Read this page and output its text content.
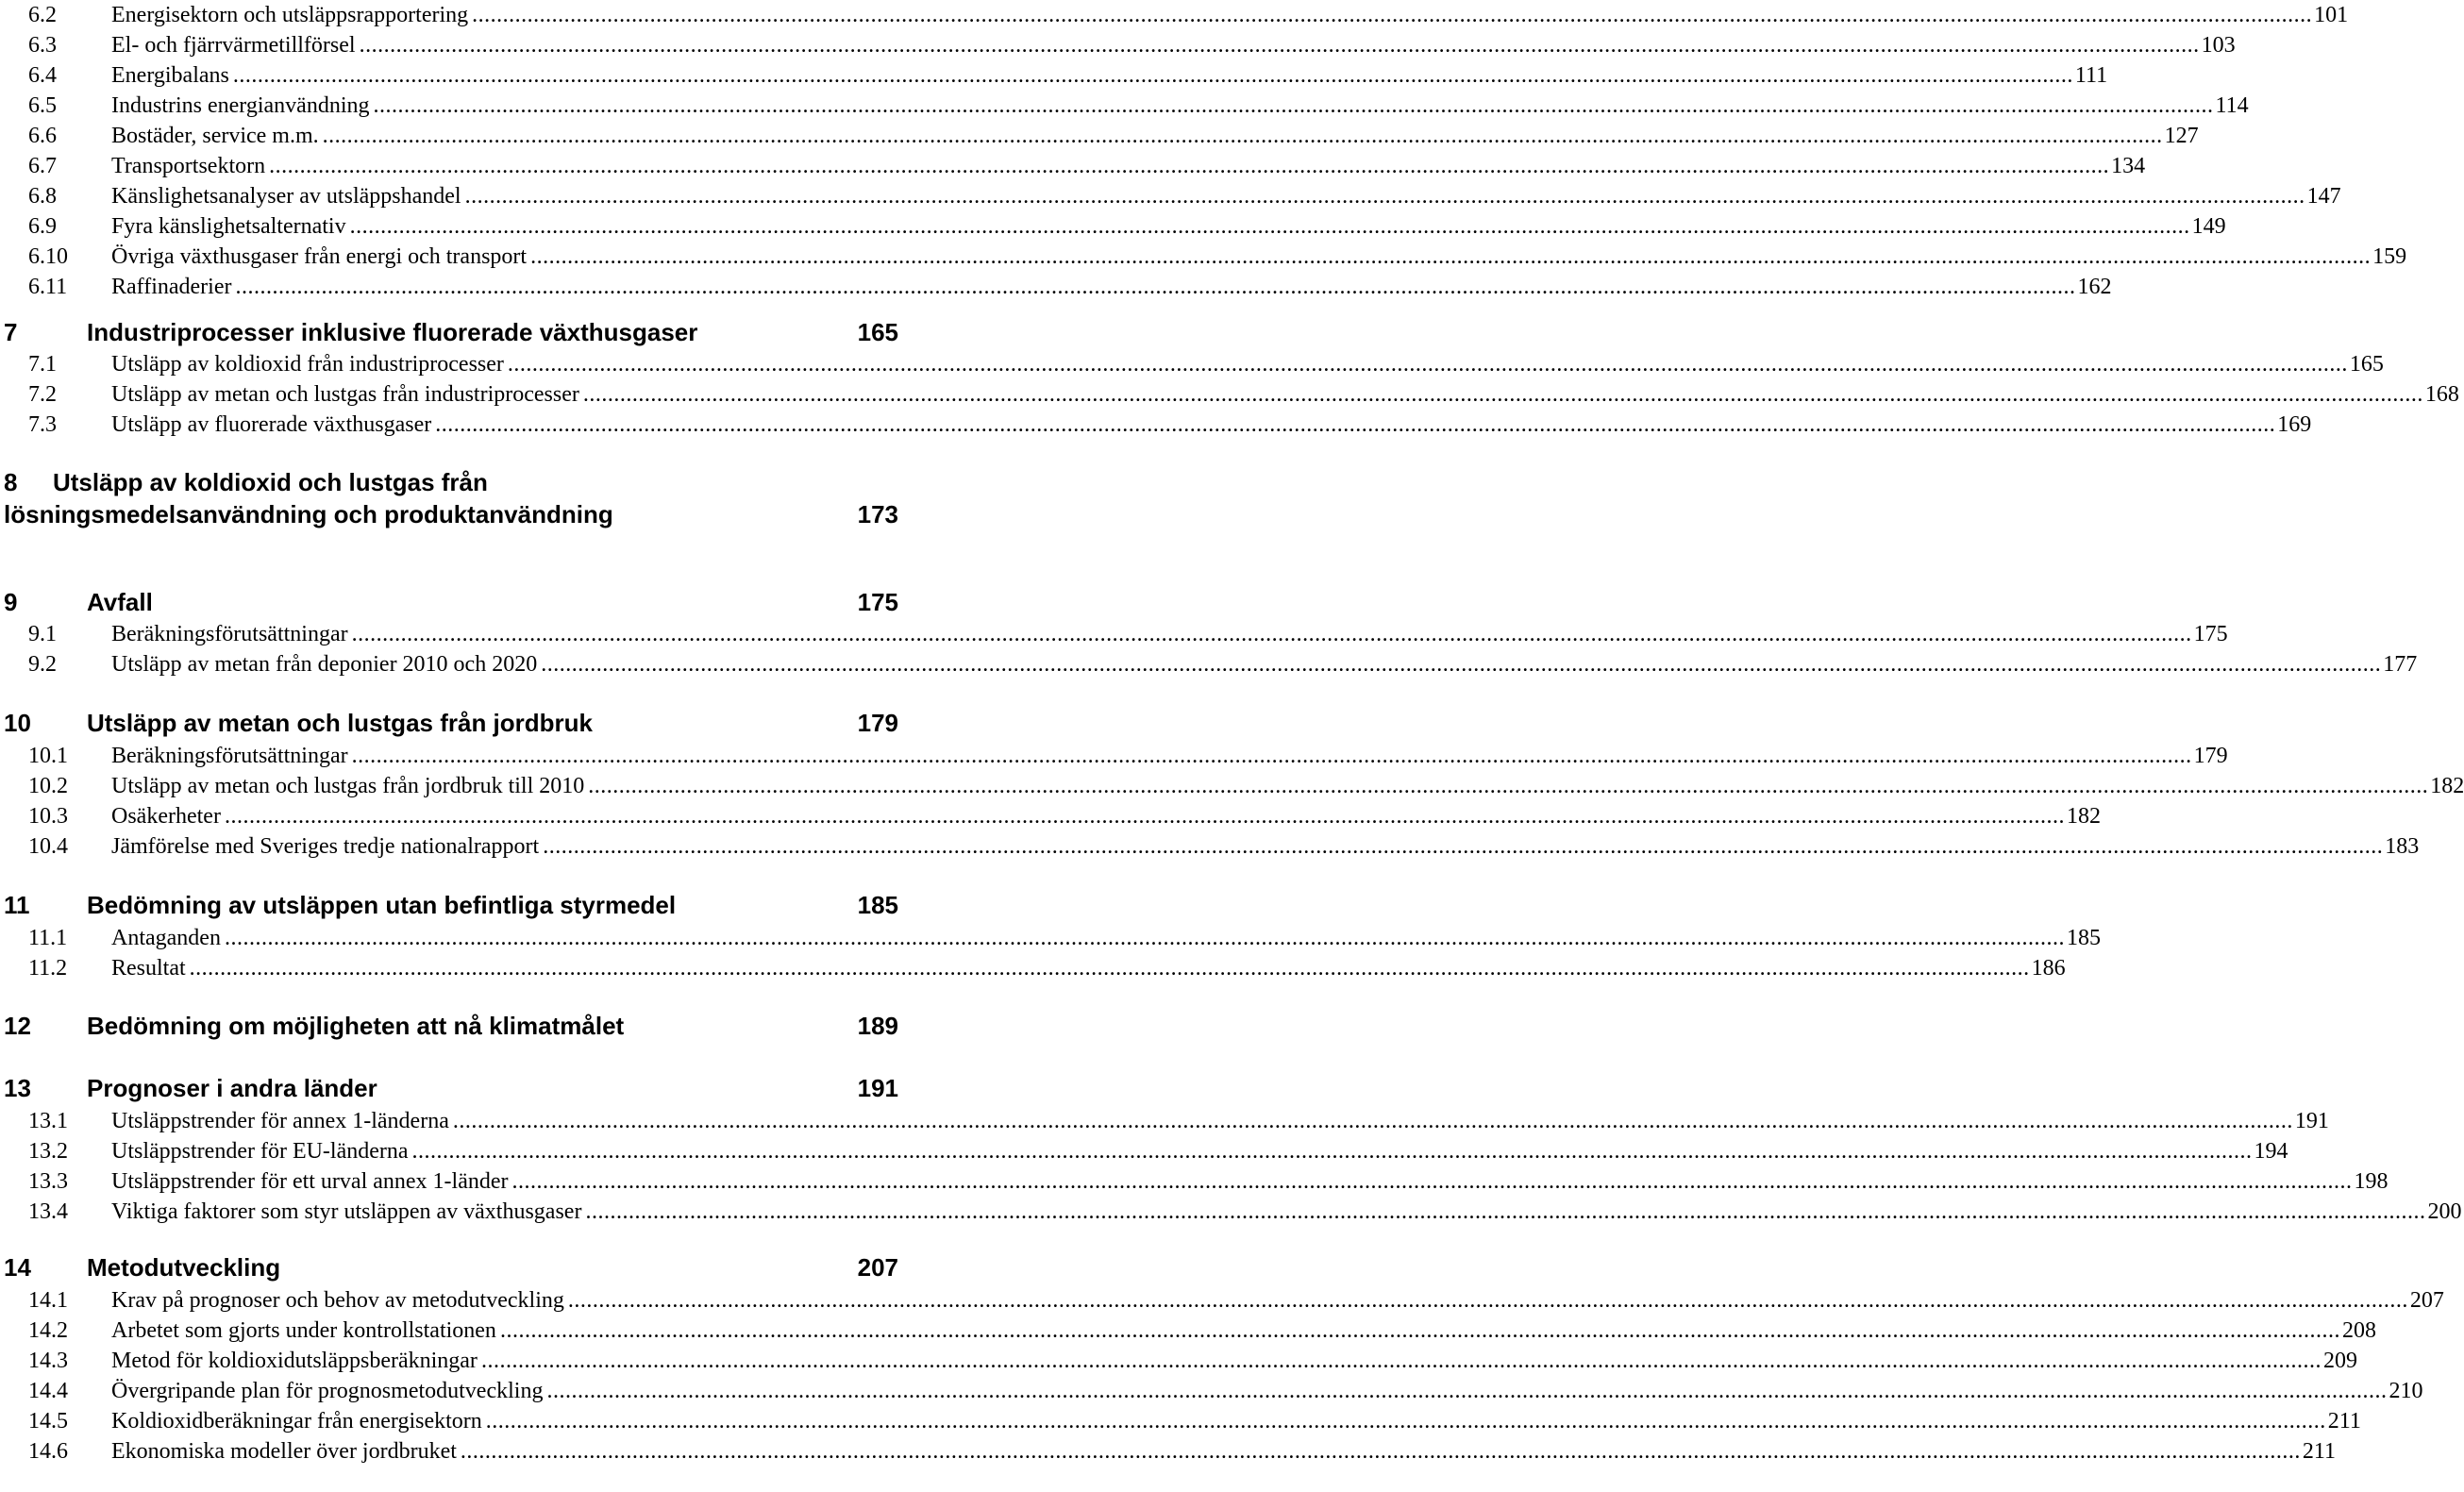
6.2	Energisektorn och utsläppsrapportering ............................................................................................................................................................................................................................................................................................................ 101
6.3	El- och fjärrvärmetillförsel ............................................................................................................................................................................................................................................................................................................ 103
6.4	Energibalans ............................................................................................................................................................................................................................................................................................................ 111
6.5	Industrins energianvändning ............................................................................................................................................................................................................................................................................................................ 114
6.6	Bostäder, service m.m. ............................................................................................................................................................................................................................................................................................................ 127
6.7	Transportsektorn ............................................................................................................................................................................................................................................................................................................ 134
6.8	Känslighetsanalyser av utsläppshandel ............................................................................................................................................................................................................................................................................................................ 147
6.9	Fyra känslighetsalternativ ............................................................................................................................................................................................................................................................................................................ 149
6.10	Övriga växthusgaser från energi och transport ............................................................................................................................................................................................................................................................................................................ 159
6.11	Raffinaderier ............................................................................................................................................................................................................................................................................................................ 162
7	Industriprocesser inklusive fluorerade växthusgaser	165
7.1	Utsläpp av koldioxid från industriprocesser ............................................................................................................................................................................................................................................................................................................ 165
7.2	Utsläpp av metan och lustgas från industriprocesser ............................................................................................................................................................................................................................................................................................................ 168
7.3	Utsläpp av fluorerade växthusgaser ............................................................................................................................................................................................................................................................................................................ 169
8 Utsläpp av koldioxid och lustgas från
lösningsmedelsanvändning och produktanvändning	173
9	Avfall	175
9.1	Beräkningsförutsättningar ............................................................................................................................................................................................................................................................................................................ 175
9.2	Utsläpp av metan från deponier 2010 och 2020 ............................................................................................................................................................................................................................................................................................................ 177
10 Utsläpp av metan och lustgas från jordbruk	179
10.1	Beräkningsförutsättningar ............................................................................................................................................................................................................................................................................................................ 179
10.2	Utsläpp av metan och lustgas från jordbruk till 2010 ............................................................................................................................................................................................................................................................................................................ 182
10.3	Osäkerheter ............................................................................................................................................................................................................................................................................................................ 182
10.4	Jämförelse med Sveriges tredje nationalrapport ............................................................................................................................................................................................................................................................................................................ 183
11 Bedömning av utsläppen utan befintliga styrmedel	185
11.1	Antaganden ............................................................................................................................................................................................................................................................................................................ 185
11.2	Resultat ............................................................................................................................................................................................................................................................................................................ 186
12 Bedömning om möjligheten att nå klimatmålet	189
13 Prognoser i andra länder	191
13.1	Utsläppstrender för annex 1-länderna ............................................................................................................................................................................................................................................................................................................ 191
13.2	Utsläppstrender för EU-länderna ............................................................................................................................................................................................................................................................................................................ 194
13.3	Utsläppstrender för ett urval annex 1-länder ............................................................................................................................................................................................................................................................................................................ 198
13.4	Viktiga faktorer som styr utsläppen av växthusgaser ............................................................................................................................................................................................................................................................................................................ 200
14 Metodutveckling	207
14.1	Krav på prognoser och behov av metodutveckling ............................................................................................................................................................................................................................................................................................................ 207
14.2	Arbetet som gjorts under kontrollstationen ............................................................................................................................................................................................................................................................................................................ 208
14.3	Metod för koldioxidutsläppsberäkningar ............................................................................................................................................................................................................................................................................................................ 209
14.4	Övergripande plan för prognosmetodutveckling ............................................................................................................................................................................................................................................................................................................ 210
14.5	Koldioxidberäkningar från energisektorn ............................................................................................................................................................................................................................................................................................................ 211
14.6	Ekonomiska modeller över jordbruket ............................................................................................................................................................................................................................................................................................................ 211
